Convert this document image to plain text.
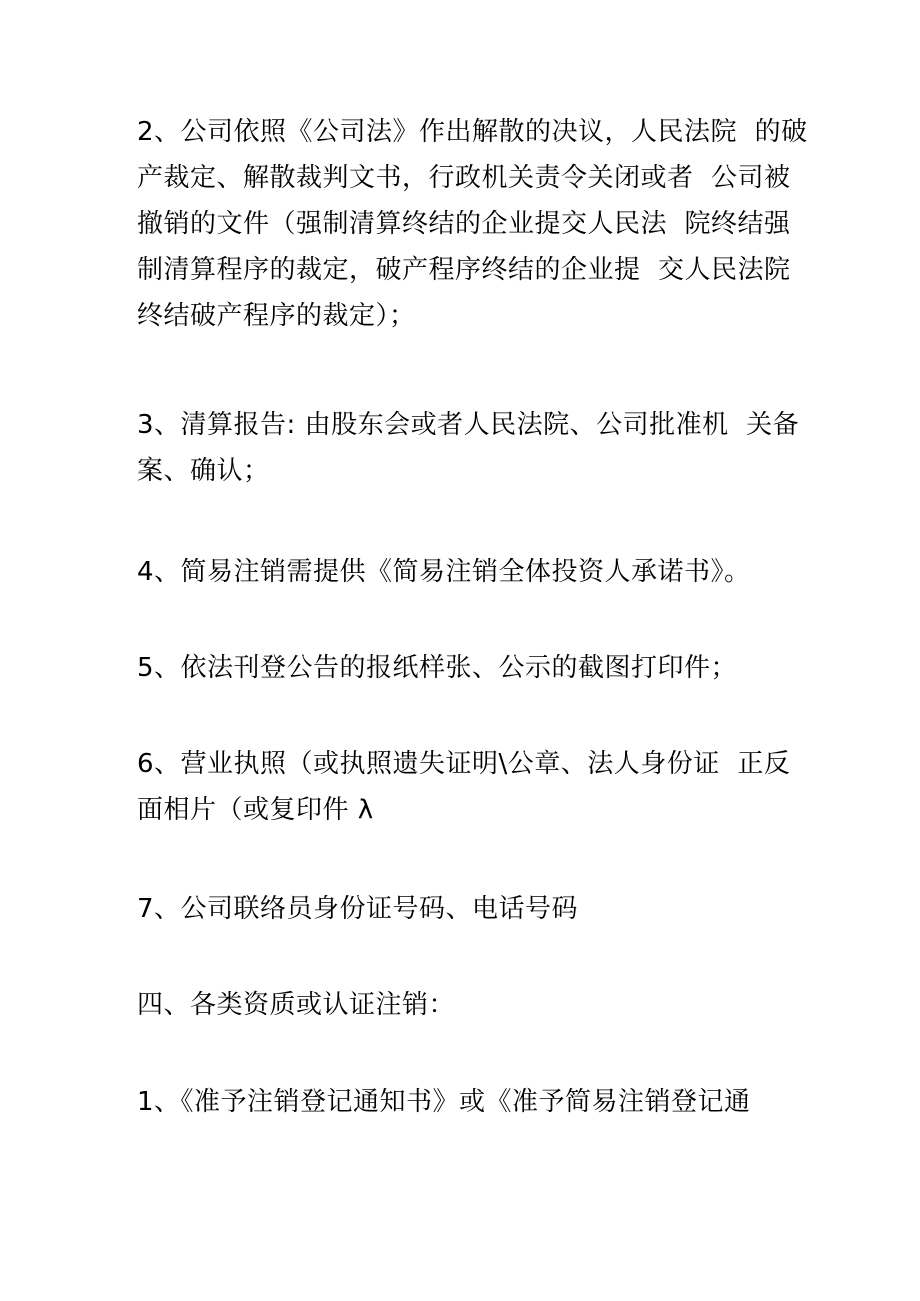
2、公司依照《公司法》作出解散的决议，人民法院  的破
产裁定、解散裁判文书，行政机关责令关闭或者  公司被
撤销的文件（强制清算终结的企业提交人民法  院终结强
制清算程序的裁定，破产程序终结的企业提  交人民法院
终结破产程序的裁定）；
3、清算报告: 由股东会或者人民法院、公司批准机  关备
案、确认；
4、简易注销需提供《简易注销全体投资人承诺书》。
5、依法刊登公告的报纸样张、公示的截图打印件；
6、营业执照（或执照遗失证明\公章、法人身份证  正反
面相片（或复印件 λ
7、公司联络员身份证号码、电话号码
四、各类资质或认证注销：
1、《准予注销登记通知书》或《准予简易注销登记通
